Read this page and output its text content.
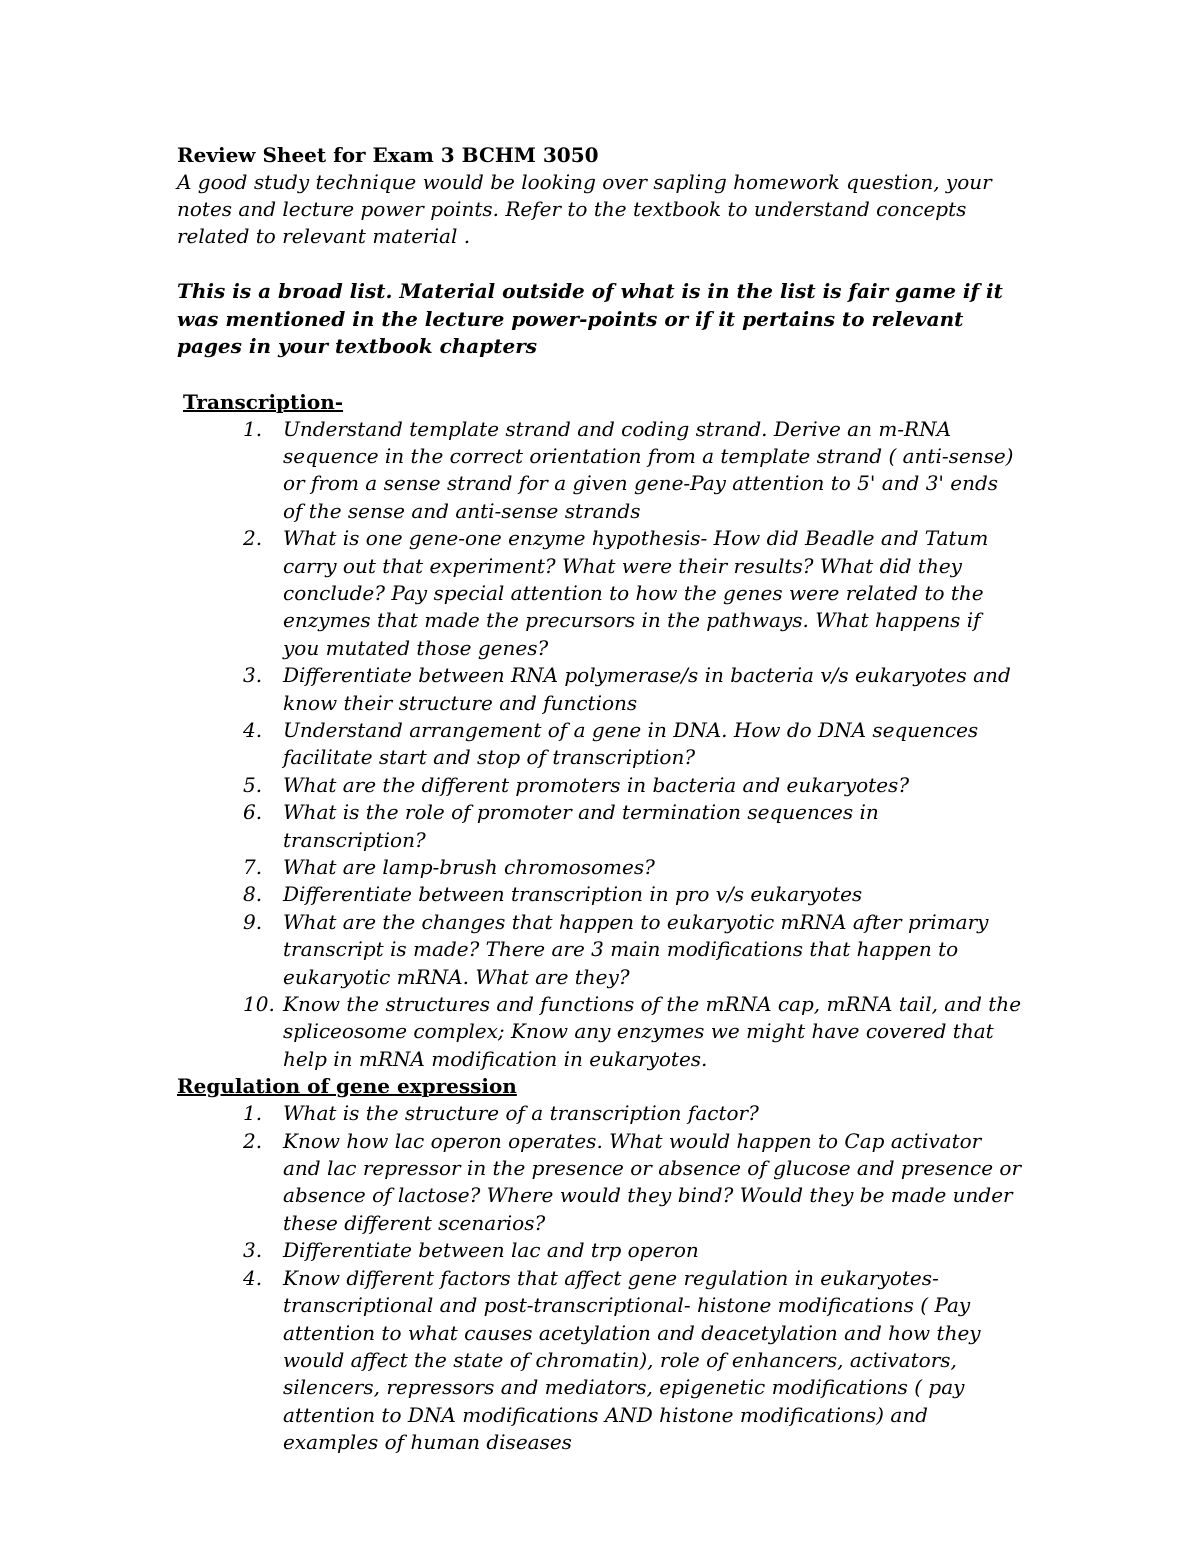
Review Sheet for Exam 3 BCHM 3050

A good study technique would be looking over sapling homework question, your notes and lecture power points. Refer to the textbook to understand concepts related to relevant material .

This is a broad list. Material outside of what is in the list is fair game if it was mentioned in the lecture power-points or if it pertains to relevant pages in your textbook chapters

Transcription-

1.	Understand template strand and coding strand. Derive an m-RNA sequence in the correct orientation from a template strand ( anti-sense) or from a sense strand for a given gene-Pay attention to 5' and 3' ends of the sense and anti-sense strands
2.	What is one gene-one enzyme hypothesis- How did Beadle and Tatum carry out that experiment? What were their results? What did they conclude? Pay special attention to how the genes were related to the enzymes that made the precursors in the pathways. What happens if you mutated those genes?
3.	Differentiate between RNA polymerase/s in bacteria v/s eukaryotes and know their structure and functions
4.	Understand arrangement of a gene in DNA. How do DNA sequences facilitate start and stop of transcription?
5.	What are the different promoters in bacteria and eukaryotes?
6.	What is the role of promoter and termination sequences in transcription?
7.	What are lamp-brush chromosomes?
8.	Differentiate between transcription in pro v/s eukaryotes
9.	What are the changes that happen to eukaryotic mRNA after primary transcript is made? There are 3 main modifications that happen to eukaryotic mRNA. What are they?
10. Know the structures and functions of the mRNA cap, mRNA tail, and the spliceosome complex; Know any enzymes we might have covered that help in mRNA modification in eukaryotes.

Regulation of gene expression

1.	What is the structure of a transcription factor?
2.	Know how lac operon operates. What would happen to Cap activator and lac repressor in the presence or absence of glucose and presence or absence of lactose? Where would they bind? Would they be made under these different scenarios?
3.	Differentiate between lac and trp operon
4.	Know different factors that affect gene regulation in eukaryotes- transcriptional and post-transcriptional- histone modifications ( Pay attention to what causes acetylation and deacetylation and how they would affect the state of chromatin), role of enhancers, activators, silencers, repressors and mediators, epigenetic modifications ( pay attention to DNA modifications AND histone modifications) and examples of human diseases
